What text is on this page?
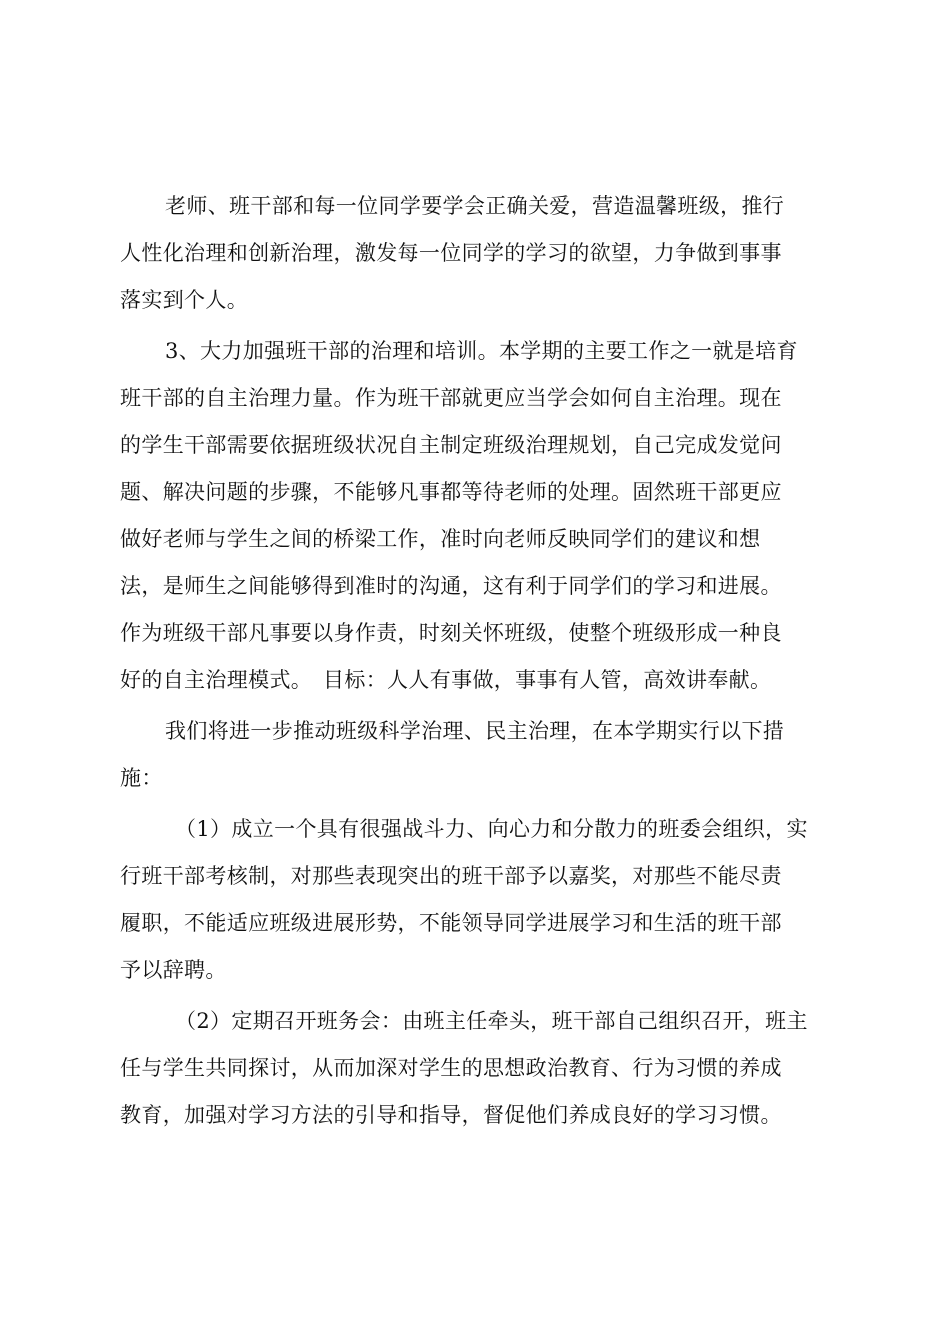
老师、班干部和每一位同学要学会正确关爱，营造温馨班级，推行
人性化治理和创新治理，激发每一位同学的学习的欲望，力争做到事事
落实到个人。
3、大力加强班干部的治理和培训。本学期的主要工作之一就是培育
班干部的自主治理力量。作为班干部就更应当学会如何自主治理。现在
的学生干部需要依据班级状况自主制定班级治理规划，自己完成发觉问
题、解决问题的步骤，不能够凡事都等待老师的处理。固然班干部更应
做好老师与学生之间的桥梁工作，准时向老师反映同学们的建议和想
法，是师生之间能够得到准时的沟通，这有利于同学们的学习和进展。
作为班级干部凡事要以身作责，时刻关怀班级，使整个班级形成一种良
好的自主治理模式。　目标：人人有事做，事事有人管，高效讲奉献。
我们将进一步推动班级科学治理、民主治理，在本学期实行以下措
施：
（1）成立一个具有很强战斗力、向心力和分散力的班委会组织，实
行班干部考核制，对那些表现突出的班干部予以嘉奖，对那些不能尽责
履职，不能适应班级进展形势，不能领导同学进展学习和生活的班干部
予以辞聘。
（2）定期召开班务会：由班主任牵头，班干部自己组织召开，班主
任与学生共同探讨，从而加深对学生的思想政治教育、行为习惯的养成
教育，加强对学习方法的引导和指导，督促他们养成良好的学习习惯。
